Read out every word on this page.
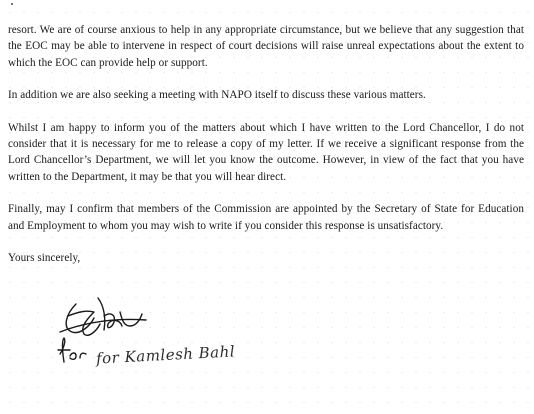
resort. We are of course anxious to help in any appropriate circumstance, but we believe that any suggestion that the EOC may be able to intervene in respect of court decisions will raise unreal expectations about the extent to which the EOC can provide help or support.

In addition we are also seeking a meeting with NAPO itself to discuss these various matters.

Whilst I am happy to inform you of the matters about which I have written to the Lord Chancellor, I do not consider that it is necessary for me to release a copy of my letter. If we receive a significant response from the Lord Chancellor’s Department, we will let you know the outcome. However, in view of the fact that you have written to the Department, it may be that you will hear direct.

Finally, may I confirm that members of the Commission are appointed by the Secretary of State for Education and Employment to whom you may wish to write if you consider this response is unsatisfactory.

Yours sincerely,

for Kamlesh Bahl
